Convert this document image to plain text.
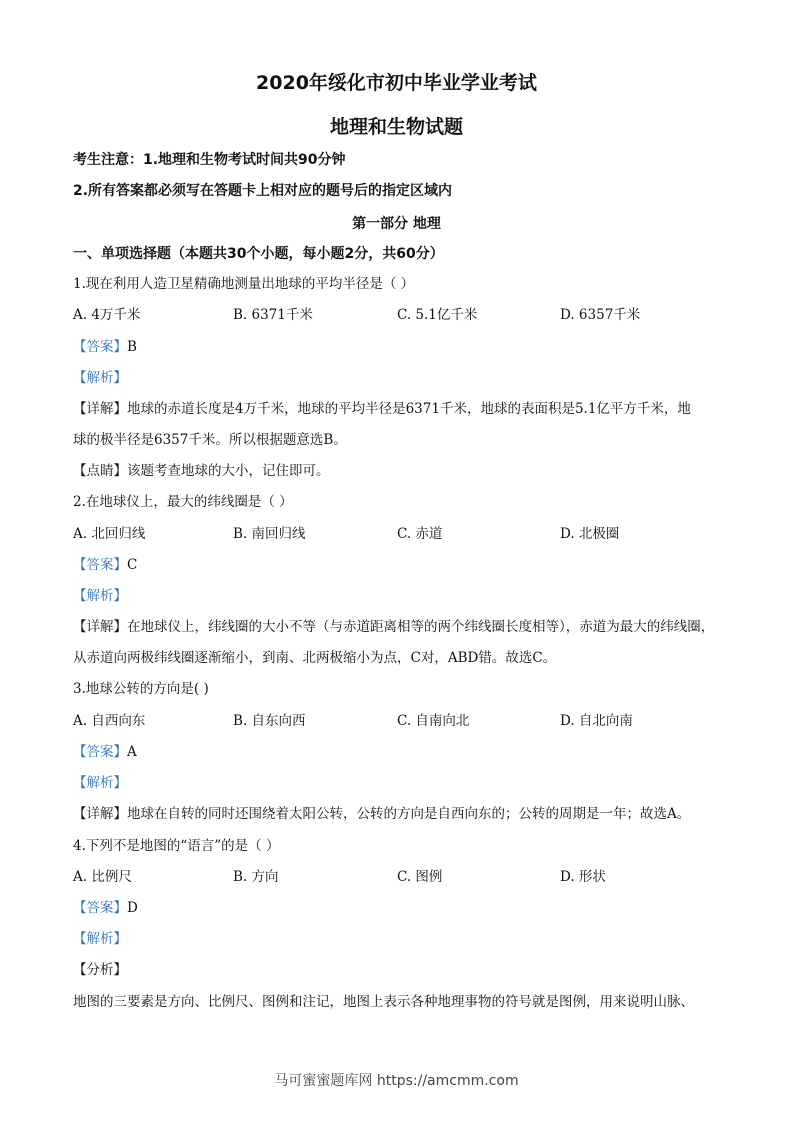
2020年绥化市初中毕业学业考试
地理和生物试题
考生注意：1.地理和生物考试时间共90分钟
2.所有答案都必须写在答题卡上相对应的题号后的指定区域内
第一部分 地理
一、单项选择题（本题共30个小题，每小题2分，共60分）
1.现在利用人造卫星精确地测量出地球的平均半径是（ ）
A. 4万千米	B. 6371千米	C. 5.1亿千米	D. 6357千米
【答案】B
【解析】
【详解】地球的赤道长度是4万千米，地球的平均半径是6371千米，地球的表面积是5.1亿平方千米，地
球的极半径是6357千米。所以根据题意选B。
【点睛】该题考查地球的大小，记住即可。
2.在地球仪上，最大的纬线圈是（ ）
A. 北回归线	B. 南回归线	C. 赤道	D. 北极圈
【答案】C
【解析】
【详解】在地球仪上，纬线圈的大小不等（与赤道距离相等的两个纬线圈长度相等），赤道为最大的纬线圈，
从赤道向两极纬线圈逐渐缩小，到南、北两极缩小为点，C对，ABD错。故选C。
3.地球公转的方向是( )
A. 自西向东	B. 自东向西	C. 自南向北	D. 自北向南
【答案】A
【解析】
【详解】地球在自转的同时还围绕着太阳公转，公转的方向是自西向东的；公转的周期是一年；故选A。
4.下列不是地图的“语言”的是（ ）
A. 比例尺	B. 方向	C. 图例	D. 形状
【答案】D
【解析】
【分析】
地图的三要素是方向、比例尺、图例和注记，地图上表示各种地理事物的符号就是图例，用来说明山脉、
马可蜜蜜题库网 https://amcmm.com
